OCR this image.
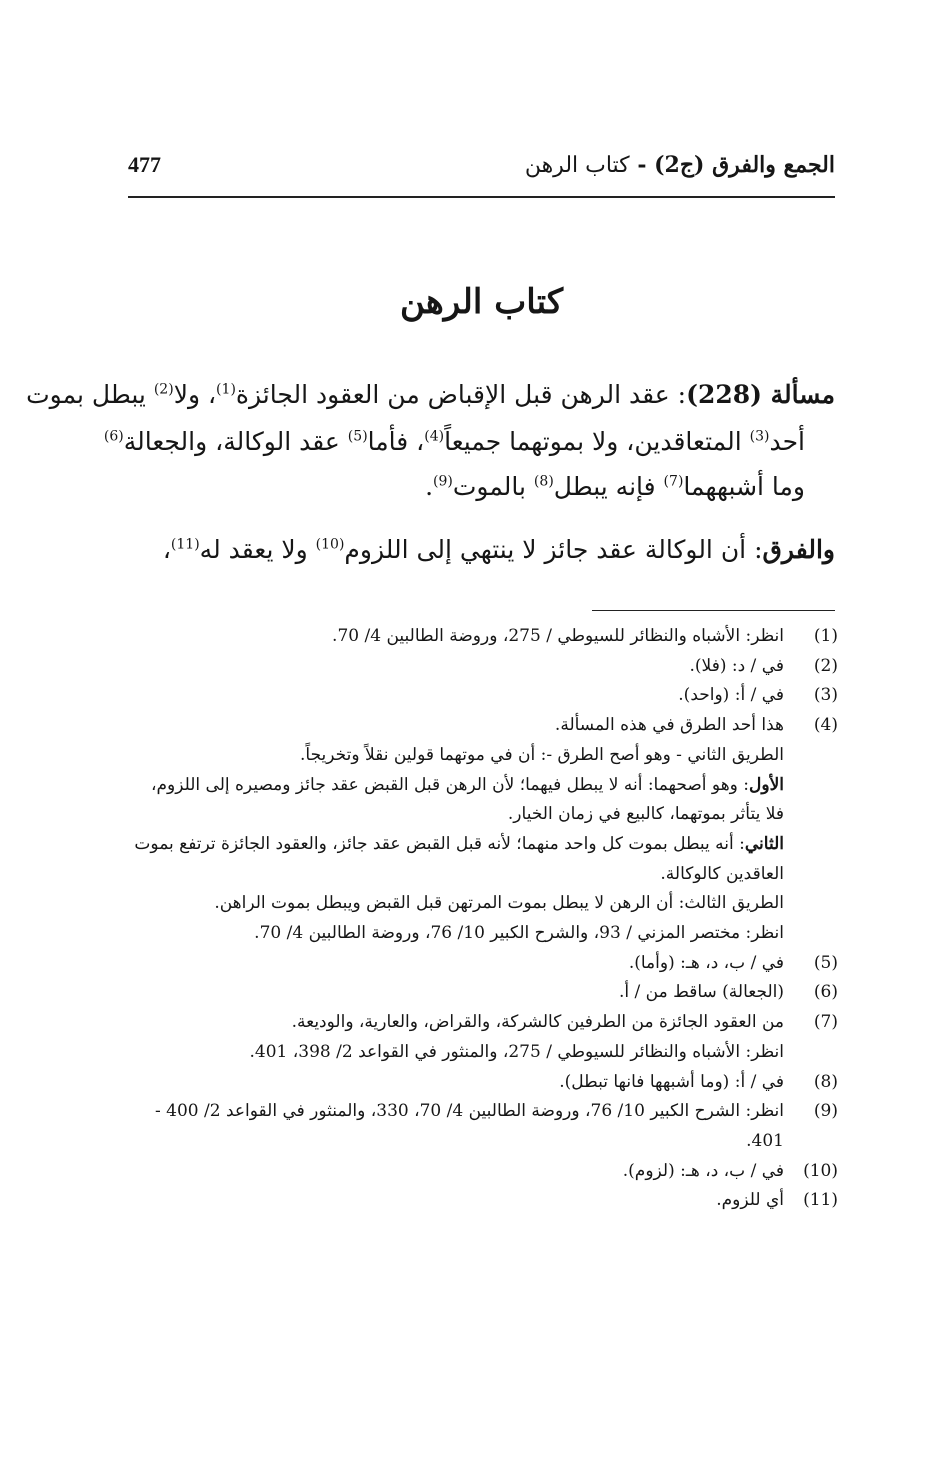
الجمع والفرق (ج2) - كتاب الرهن
477
كتاب الرهن
مسألة (228): عقد الرهن قبل الإقباض من العقود الجائزة$^{(1)}$، ولا$^{(2)}$ يبطل بموت
أحد$^{(3)}$ المتعاقدين، ولا بموتهما جميعاً$^{(4)}$، فأما$^{(5)}$ عقد الوكالة، والجعالة$^{(6)}$
وما أشبههما$^{(7)}$ فإنه يبطل$^{(8)}$ بالموت$^{(9)}$.
والفرق: أن الوكالة عقد جائز لا ينتهي إلى اللزوم$^{(10)}$ ولا يعقد له$^{(11)}$،
(1)
انظر: الأشباه والنظائر للسيوطي / 275، وروضة الطالبين 4/ 70.
(2)
في / د: (فلا).
(3)
في / أ: (واحد).
(4)
هذا أحد الطرق في هذه المسألة.
الطريق الثاني - وهو أصح الطرق -: أن في موتهما قولين نقلاً وتخريجاً.
الأول: وهو أصحهما: أنه لا يبطل فيهما؛ لأن الرهن قبل القبض عقد جائز ومصيره إلى اللزوم، فلا يتأثر بموتهما، كالبيع في زمان الخيار.
الثاني: أنه يبطل بموت كل واحد منهما؛ لأنه قبل القبض عقد جائز، والعقود الجائزة ترتفع بموت العاقدين كالوكالة.
الطريق الثالث: أن الرهن لا يبطل بموت المرتهن قبل القبض ويبطل بموت الراهن.
انظر: مختصر المزني / 93، والشرح الكبير 10/ 76، وروضة الطالبين 4/ 70.
(5)
في / ب، د، هـ: (وأما).
(6)
(الجعالة) ساقط من / أ.
(7)
من العقود الجائزة من الطرفين كالشركة، والقراض، والعارية، والوديعة.
انظر: الأشباه والنظائر للسيوطي / 275، والمنثور في القواعد 2/ 398، 401.
(8)
في / أ: (وما أشبهها فانها تبطل).
(9)
انظر: الشرح الكبير 10/ 76، وروضة الطالبين 4/ 70، 330، والمنثور في القواعد 2/ 400 - 401.
(10)
في / ب، د، هـ: (لزوم).
(11)
أي للزوم.
